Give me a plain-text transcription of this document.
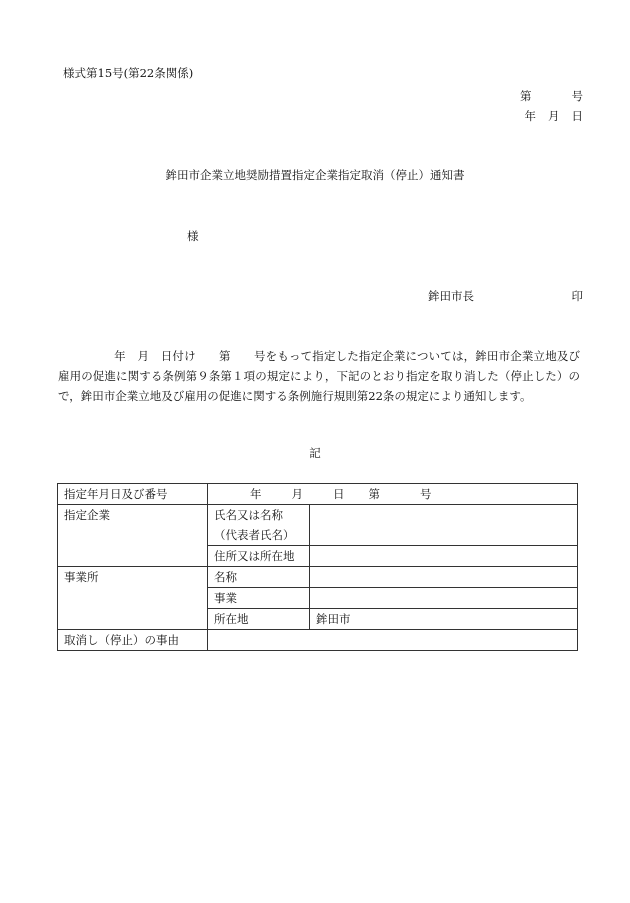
様式第15号(第22条関係)
第	号
年 月 日
鉾田市企業立地奨励措置指定企業指定取消（停止）通知書
様
鉾田市長	印
年　月　日付け　　第　　号をもって指定した指定企業については，鉾田市企業立地及び雇用の促進に関する条例第９条第１項の規定により，下記のとおり指定を取り消した（停止した）ので，鉾田市企業立地及び雇用の促進に関する条例施行規則第22条の規定により通知します。
記
指定年月日及び番号	年 月 日 第 号	
指定企業	氏名又は名称
（代表者氏名）	

	住所又は所在地	
事業所	名称	
	事業	
	所在地	鉾田市
取消し（停止）の事由		
